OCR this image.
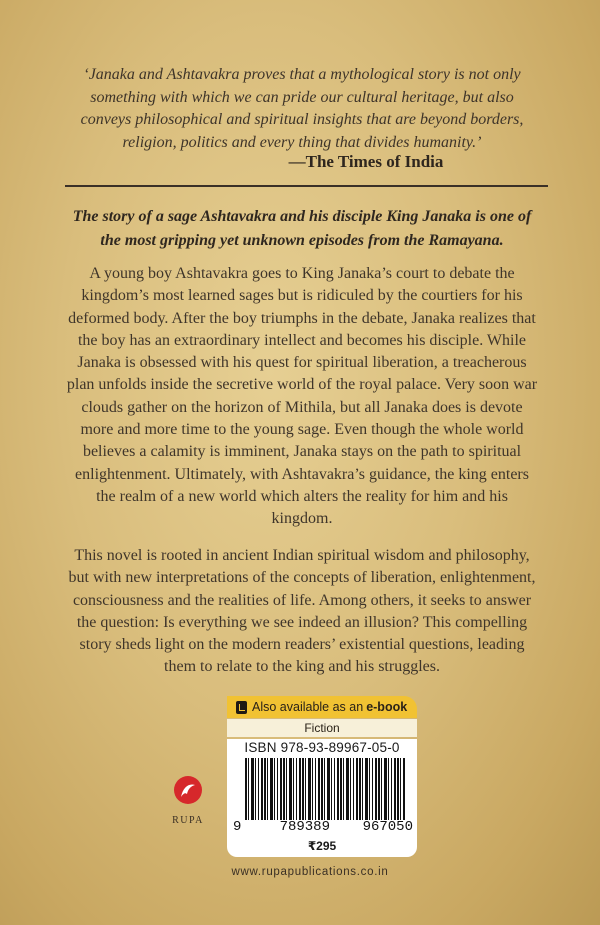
‘Janaka and Ashtavakra proves that a mythological story is not only something with which we can pride our cultural heritage, but also conveys philosophical and spiritual insights that are beyond borders, religion, politics and every thing that divides humanity.’
—The Times of India
The story of a sage Ashtavakra and his disciple King Janaka is one of the most gripping yet unknown episodes from the Ramayana.
A young boy Ashtavakra goes to King Janaka’s court to debate the kingdom’s most learned sages but is ridiculed by the courtiers for his deformed body. After the boy triumphs in the debate, Janaka realizes that the boy has an extraordinary intellect and becomes his disciple. While Janaka is obsessed with his quest for spiritual liberation, a treacherous plan unfolds inside the secretive world of the royal palace. Very soon war clouds gather on the horizon of Mithila, but all Janaka does is devote more and more time to the young sage. Even though the whole world believes a calamity is imminent, Janaka stays on the path to spiritual enlightenment. Ultimately, with Ashtavakra’s guidance, the king enters the realm of a new world which alters the reality for him and his kingdom.
This novel is rooted in ancient Indian spiritual wisdom and philosophy, but with new interpretations of the concepts of liberation, enlightenment, consciousness and the realities of life. Among others, it seeks to answer the question: Is everything we see indeed an illusion? This compelling story sheds light on the modern readers’ existential questions, leading them to relate to the king and his struggles.
Also available as an e-book
Fiction
ISBN 978-93-89967-05-0
9	789389 967050
₹295
RUPA
www.rupapublications.co.in
